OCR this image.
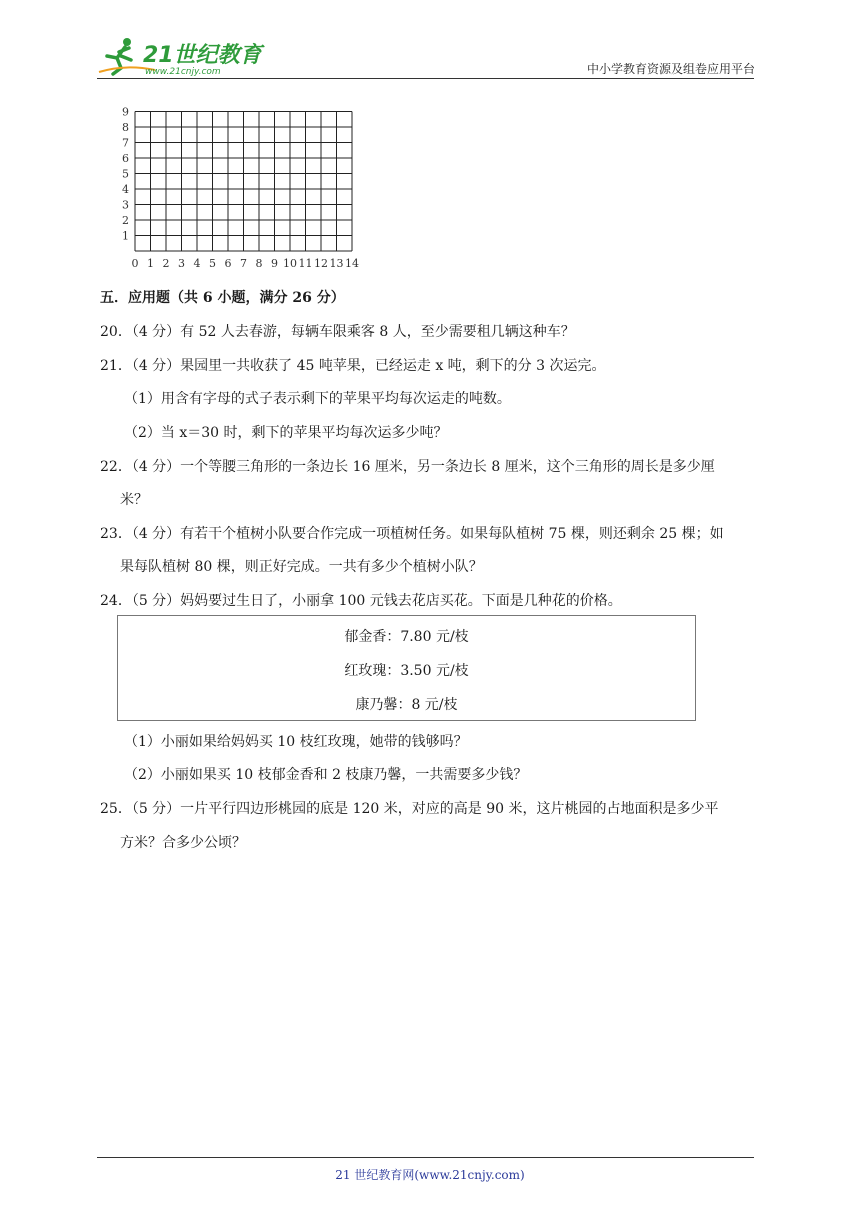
21世纪教育
www.21cnjy.com	中小学教育资源及组卷应用平台
0 1 2 3 4 5 6 7 8 9 10 11 12 13 14
1
2
3
4
5
6
7
8
9
五．应用题（共 6 小题，满分 26 分）
20．（4 分）有 52 人去春游，每辆车限乘客 8 人，至少需要租几辆这种车？
21．（4 分）果园里一共收获了 45 吨苹果，已经运走 x 吨，剩下的分 3 次运完。
（1）用含有字母的式子表示剩下的苹果平均每次运走的吨数。
（2）当 x＝30 时，剩下的苹果平均每次运多少吨？
22．（4 分）一个等腰三角形的一条边长 16 厘米，另一条边长 8 厘米，这个三角形的周长是多少厘
米？
23．（4 分）有若干个植树小队要合作完成一项植树任务。如果每队植树 75 棵，则还剩余 25 棵；如
果每队植树 80 棵，则正好完成。一共有多少个植树小队？
24．（5 分）妈妈要过生日了，小丽拿 100 元钱去花店买花。下面是几种花的价格。
郁金香：7.80 元/枝
红玫瑰：3.50 元/枝
康乃馨：8 元/枝
（1）小丽如果给妈妈买 10 枝红玫瑰，她带的钱够吗？
（2）小丽如果买 10 枝郁金香和 2 枝康乃馨，一共需要多少钱？
25．（5 分）一片平行四边形桃园的底是 120 米，对应的高是 90 米，这片桃园的占地面积是多少平
方米？合多少公顷？
21 世纪教育网(www.21cnjy.com)
